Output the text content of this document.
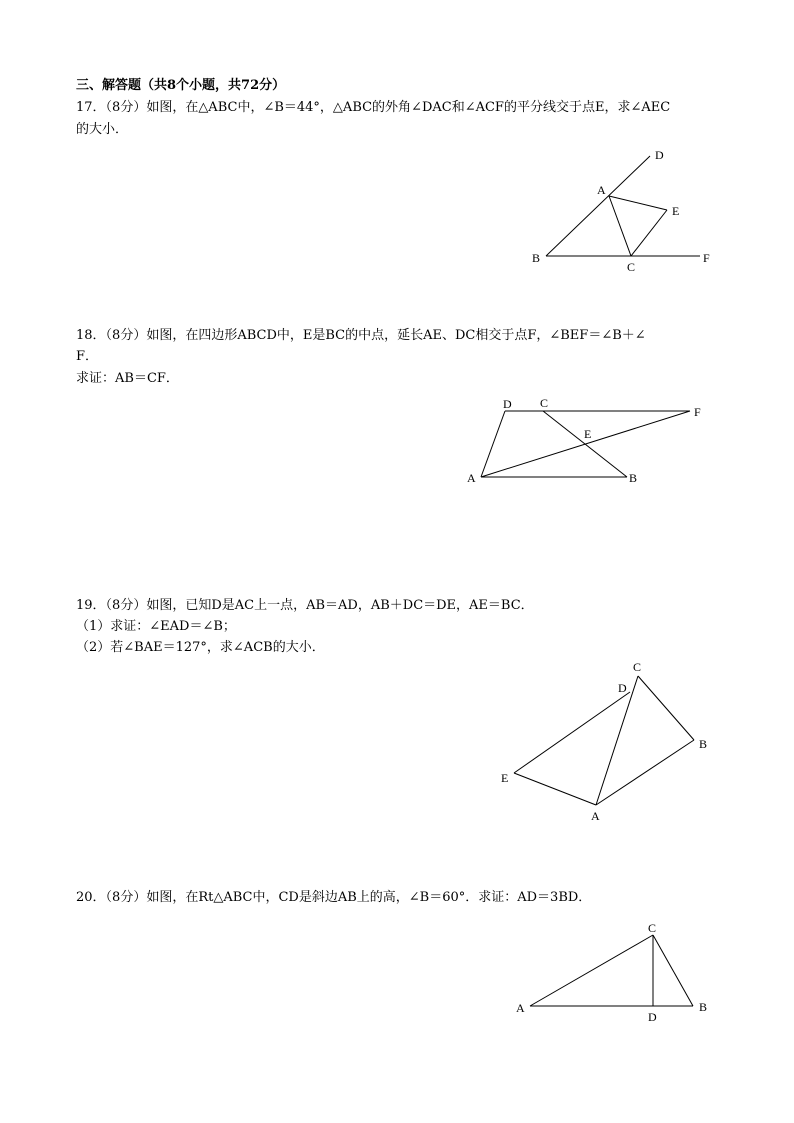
三、解答题（共8个小题，共72分）
17．（8分）如图，在△ABC中，∠B＝44°，△ABC的外角∠DAC和∠ACF的平分线交于点E，求∠AEC
的大小．
A
B
C
D
E
F
18．（8分）如图，在四边形ABCD中，E是BC的中点，延长AE、DC相交于点F，∠BEF＝∠B＋∠
F．
求证：AB＝CF．
D C
F
E
A	B
19．（8分）如图，已知D是AC上一点，AB＝AD，AB＋DC＝DE，AE＝BC．
（1）求证：∠EAD＝∠B；
（2）若∠BAE＝127°，求∠ACB的大小．
C
D
B
E
A
20．（8分）如图，在Rt△ABC中，CD是斜边AB上的高，∠B＝60°．求证：AD＝3BD．
C
A
D
B
